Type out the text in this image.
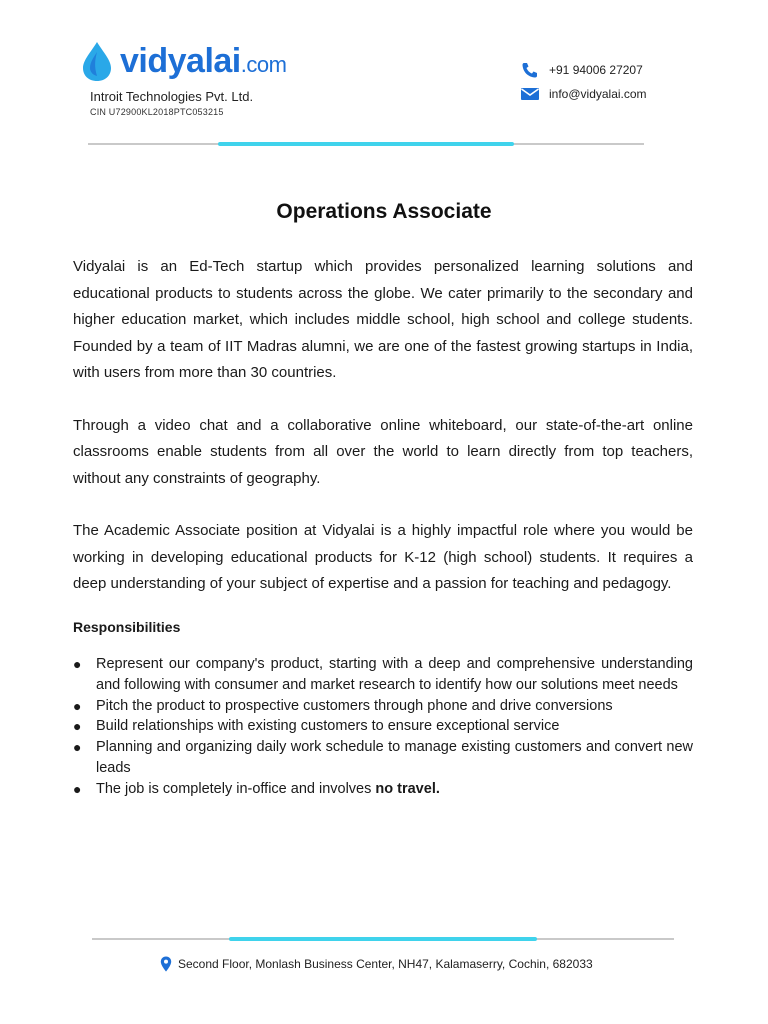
vidyalai.com
Introit Technologies Pvt. Ltd.
CIN U72900KL2018PTC053215
+91 94006 27207
info@vidyalai.com
Operations Associate

Vidyalai is an Ed-Tech startup which provides personalized learning solutions and educational products to students across the globe. We cater primarily to the secondary and higher education market, which includes middle school, high school and college students. Founded by a team of IIT Madras alumni, we are one of the fastest growing startups in India, with users from more than 30 countries.

Through a video chat and a collaborative online whiteboard, our state-of-the-art online classrooms enable students from all over the world to learn directly from top teachers, without any constraints of geography.

The Academic Associate position at Vidyalai is a highly impactful role where you would be working in developing educational products for K-12 (high school) students. It requires a deep understanding of your subject of expertise and a passion for teaching and pedagogy.

Responsibilities
● Represent our company's product, starting with a deep and comprehensive understanding and following with consumer and market research to identify how our solutions meet needs
● Pitch the product to prospective customers through phone and drive conversions
● Build relationships with existing customers to ensure exceptional service
● Planning and organizing daily work schedule to manage existing customers and convert new leads
● The job is completely in-office and involves no travel.
Second Floor, Monlash Business Center, NH47, Kalamaserry, Cochin, 682033
